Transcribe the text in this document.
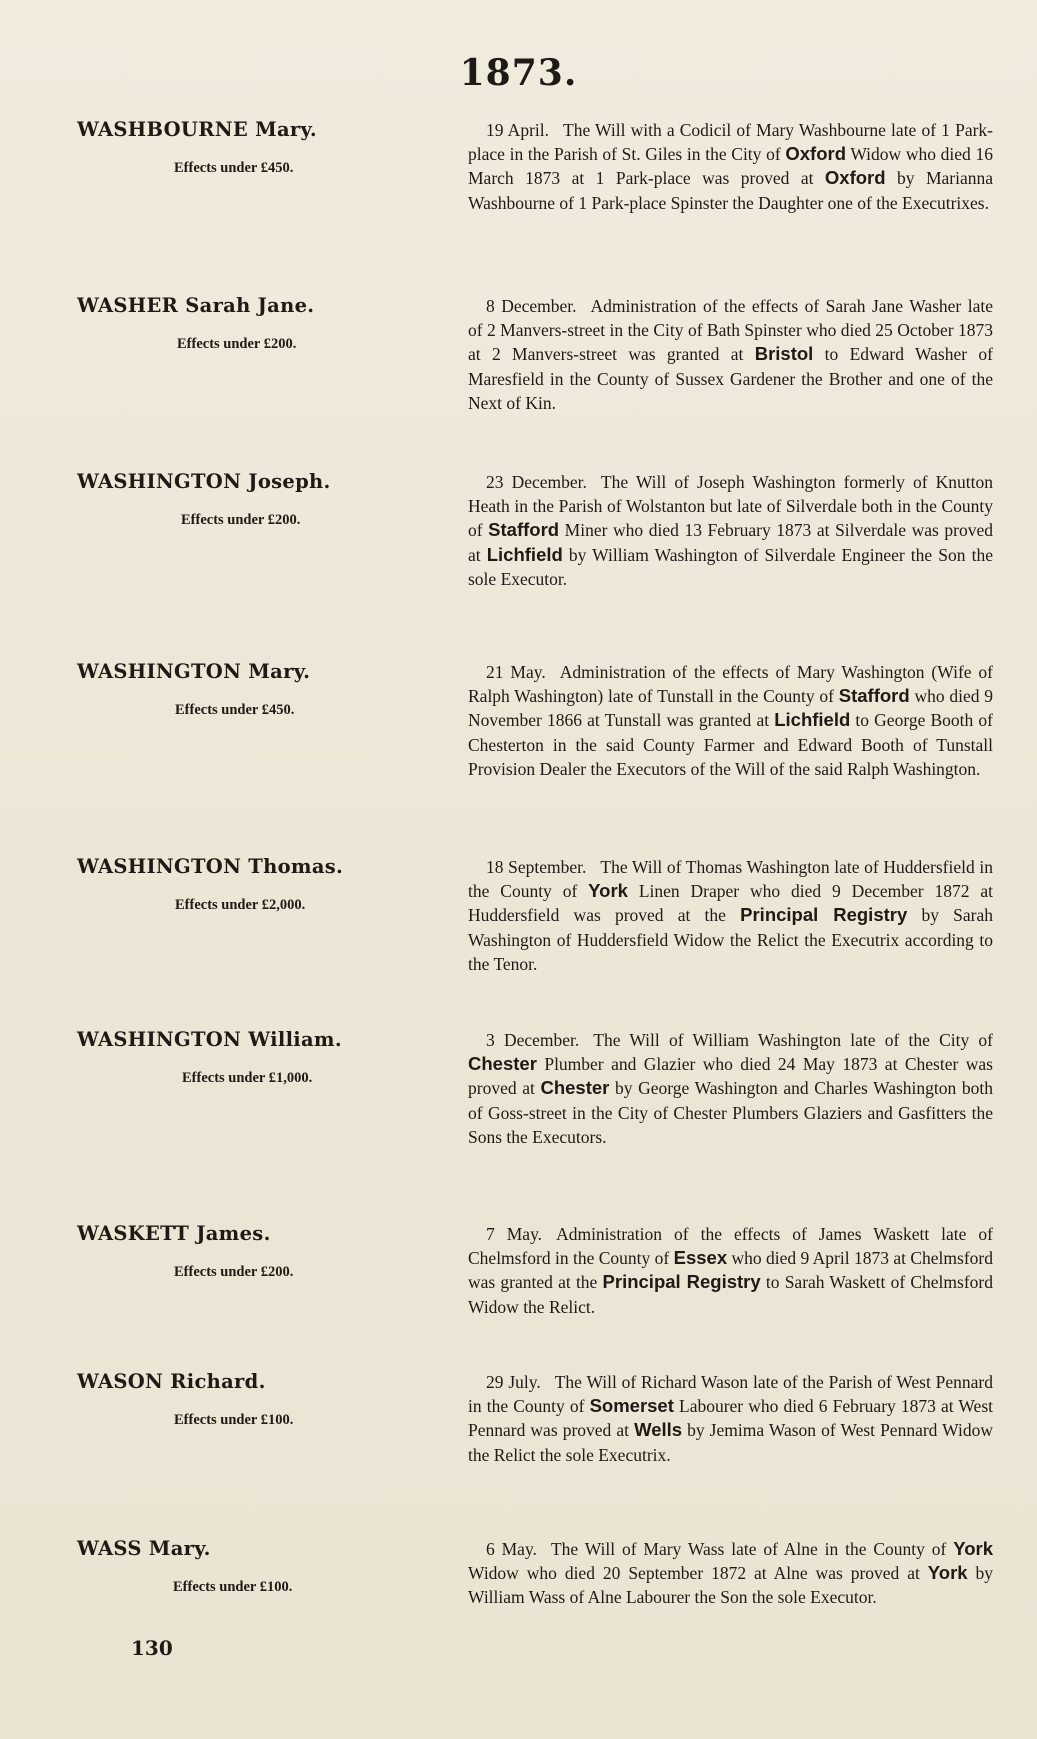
1873.
WASHBOURNE Mary.
Effects under £450.
19 April. The Will with a Codicil of Mary Washbourne late of 1 Park-place in the Parish of St. Giles in the City of Oxford Widow who died 16 March 1873 at 1 Park-place was proved at Oxford by Marianna Washbourne of 1 Park-place Spinster the Daughter one of the Executrixes.
WASHER Sarah Jane.
Effects under £200.
8 December. Administration of the effects of Sarah Jane Washer late of 2 Manvers-street in the City of Bath Spinster who died 25 October 1873 at 2 Manvers-street was granted at Bristol to Edward Washer of Maresfield in the County of Sussex Gardener the Brother and one of the Next of Kin.
WASHINGTON Joseph.
Effects under £200.
23 December. The Will of Joseph Washington formerly of Knutton Heath in the Parish of Wolstanton but late of Silverdale both in the County of Stafford Miner who died 13 February 1873 at Silverdale was proved at Lichfield by William Washington of Silverdale Engineer the Son the sole Executor.
WASHINGTON Mary.
Effects under £450.
21 May. Administration of the effects of Mary Washington (Wife of Ralph Washington) late of Tunstall in the County of Stafford who died 9 November 1866 at Tunstall was granted at Lichfield to George Booth of Chesterton in the said County Farmer and Edward Booth of Tunstall Provision Dealer the Executors of the Will of the said Ralph Washington.
WASHINGTON Thomas.
Effects under £2,000.
18 September. The Will of Thomas Washington late of Huddersfield in the County of York Linen Draper who died 9 December 1872 at Huddersfield was proved at the Principal Registry by Sarah Washington of Huddersfield Widow the Relict the Executrix according to the Tenor.
WASHINGTON William.
Effects under £1,000.
3 December. The Will of William Washington late of the City of Chester Plumber and Glazier who died 24 May 1873 at Chester was proved at Chester by George Washington and Charles Washington both of Goss-street in the City of Chester Plumbers Glaziers and Gasfitters the Sons the Executors.
WASKETT James.
Effects under £200.
7 May. Administration of the effects of James Waskett late of Chelmsford in the County of Essex who died 9 April 1873 at Chelmsford was granted at the Principal Registry to Sarah Waskett of Chelmsford Widow the Relict.
WASON Richard.
Effects under £100.
29 July. The Will of Richard Wason late of the Parish of West Pennard in the County of Somerset Labourer who died 6 February 1873 at West Pennard was proved at Wells by Jemima Wason of West Pennard Widow the Relict the sole Executrix.
WASS Mary.
Effects under £100.
6 May. The Will of Mary Wass late of Alne in the County of York Widow who died 20 September 1872 at Alne was proved at York by William Wass of Alne Labourer the Son the sole Executor.
130
